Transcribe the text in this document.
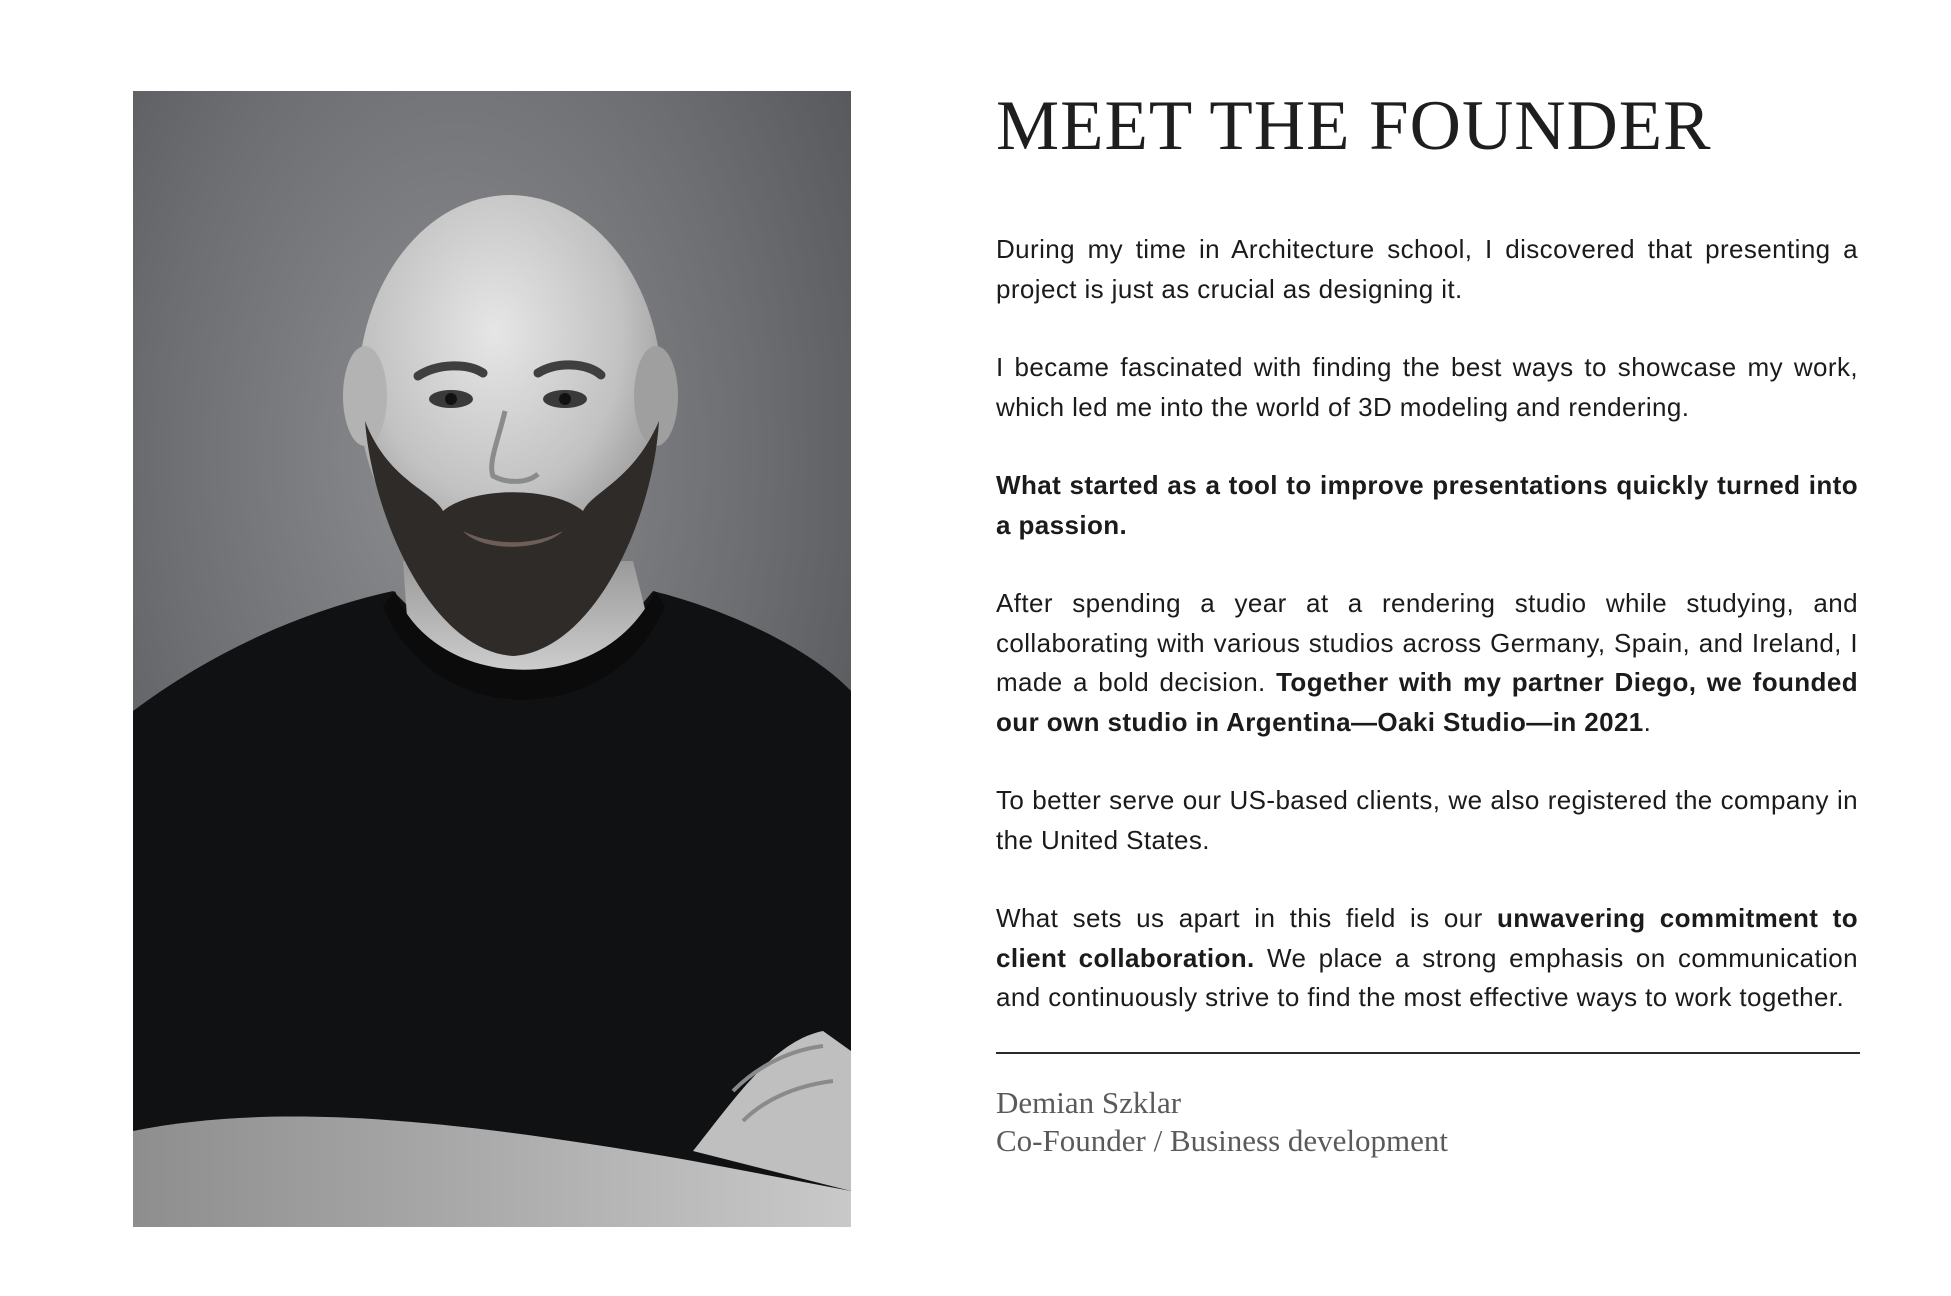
MEET THE FOUNDER

During my time in Architecture school, I discovered that presenting a project is just as crucial as designing it.

I became fascinated with finding the best ways to showcase my work, which led me into the world of 3D modeling and rendering.

What started as a tool to improve presentations quickly turned into a passion.

After spending a year at a rendering studio while studying, and collaborating with various studios across Germany, Spain, and Ireland, I made a bold decision. Together with my partner Diego, we founded our own studio in Argentina—Oaki Studio—in 2021.

To better serve our US-based clients, we also registered the company in the United States.

What sets us apart in this field is our unwavering commitment to client collaboration. We place a strong emphasis on communication and continuously strive to find the most effective ways to work together.

Demian Szklar
Co-Founder / Business development
